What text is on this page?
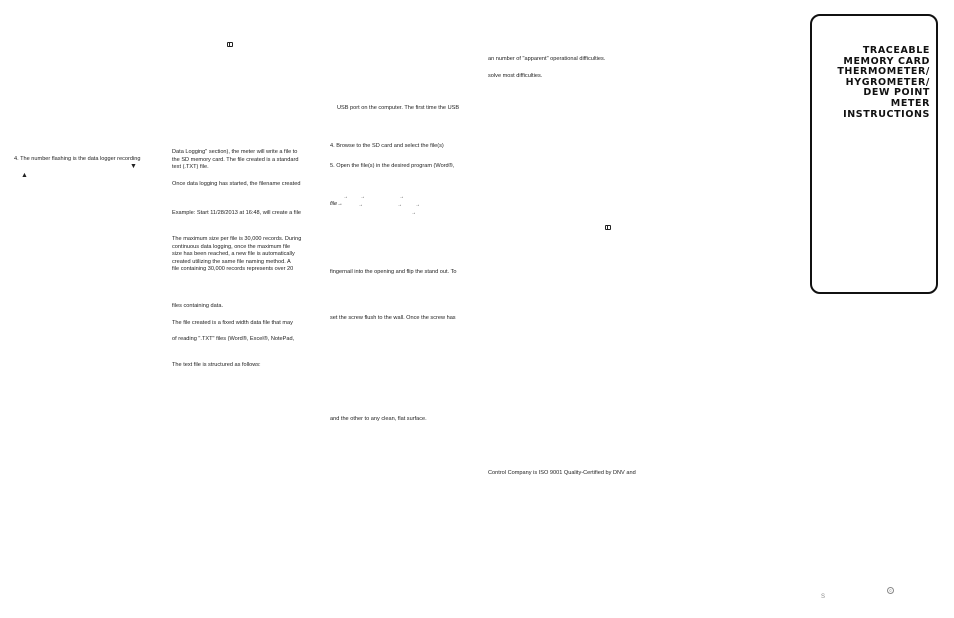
4. The number flashing is the data logger recording
▼
▲
Data Logging" section), the meter will write a file to
the SD memory card. The file created is a standard
text (.TXT) file.
Once data logging has started, the filename created
Example: Start 11/28/2013 at 16:48, will create a file
The maximum size per file is 30,000 records. During
continuous data logging, once the maximum file
size has been reached, a new file is automatically
created utilizing the same file naming method. A
file containing 30,000 records represents over 20
files containing data.
The file created is a fixed width data file that may
of reading ".TXT" files (Word®, Excel®, NotePad,
The text file is structured as follows:
USB port on the computer. The first time the USB
4. Browse to the SD card and select the file(s)
5. Open the file(s) in the desired program (Word®,
→ →	→
file→	→	→	→
→
fingernail into the opening and flip the stand out. To
set the screw flush to the wall. Once the screw has
and the other to any clean, flat surface.
an number of "apparent" operational difficulties.
solve most difficulties.
Control Company is ISO 9001 Quality-Certified by DNV and
TRACEABLE
MEMORY CARD
THERMOMETER/
HYGROMETER/
DEW POINT
METER
INSTRUCTIONS
©
S
